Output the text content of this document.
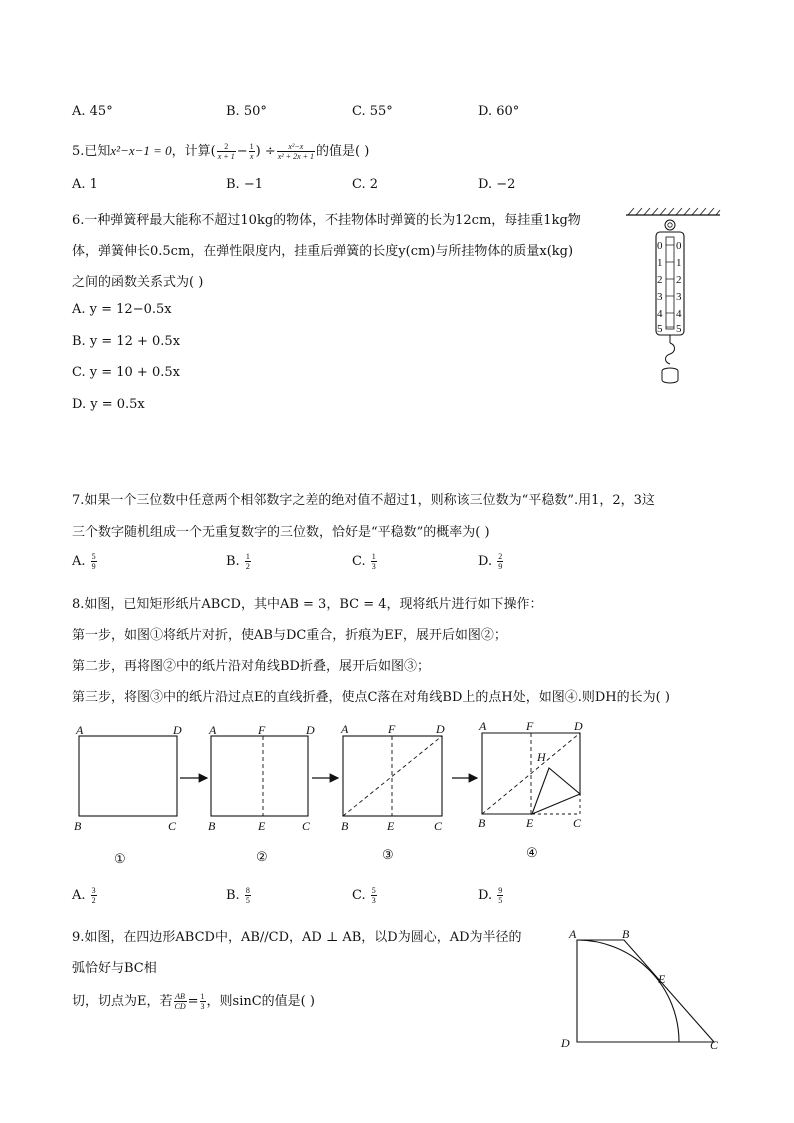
A. 45°	B. 50°	C. 55°	D. 60°
5.已知x²−x−1 = 0，计算( $\frac{2}{x + 1} - \frac{1}{x}$ ) ÷ $\frac{\text{x²−x}}{\text{x² + 2x + 1}}$ 的值是( )
A. 1	B. −1	C. 2	D. −2
6.一种弹簧秤最大能称不超过10kg的物体，不挂物体时弹簧的长为12cm，每挂重1kg物
体，弹簧伸长0.5cm，在弹性限度内，挂重后弹簧的长度y(cm)与所挂物体的质量x(kg)
之间的函数关系式为( )
A. y = 12−0.5x
B. y = 12 + 0.5x
C. y = 10 + 0.5x
D. y = 0.5x
0
1
2
3
4
5
0
1
2
3
4
5
7.如果一个三位数中任意两个相邻数字之差的绝对值不超过1，则称该三位数为“平稳数”.用1，2，3这
三个数字随机组成一个无重复数字的三位数，恰好是“平稳数”的概率为( )
A. $\frac{5}{9}$	B. $\frac{1}{2}$	C. $\frac{1}{3}$	D. $\frac{2}{9}$
8.如图，已知矩形纸片ABCD，其中AB = 3，BC = 4，现将纸片进行如下操作：
第一步，如图①将纸片对折，使AB与DC重合，折痕为EF，展开后如图②；
第二步，再将图②中的纸片沿对角线BD折叠，展开后如图③；
第三步，将图③中的纸片沿过点E的直线折叠，使点C落在对角线BD上的点H处，如图④.则DH的长为( )
A	D
B	C
A	F	D
B	E	C
A	F	D
B	E	C
A	F	D
H
B	E	C
①	②	③	④
A. $\frac{3}{2}$	B. $\frac{8}{5}$	C. $\frac{5}{3}$	D. $\frac{9}{5}$
9.如图，在四边形ABCD中，AB//CD，AD ⊥ AB，以D为圆心，AD为半径的
弧恰好与BC相
切，切点为E，若 $\frac{AB}{CD} = \frac{1}{3}$ ，则sinC的值是( )
A	B
E
D	C
